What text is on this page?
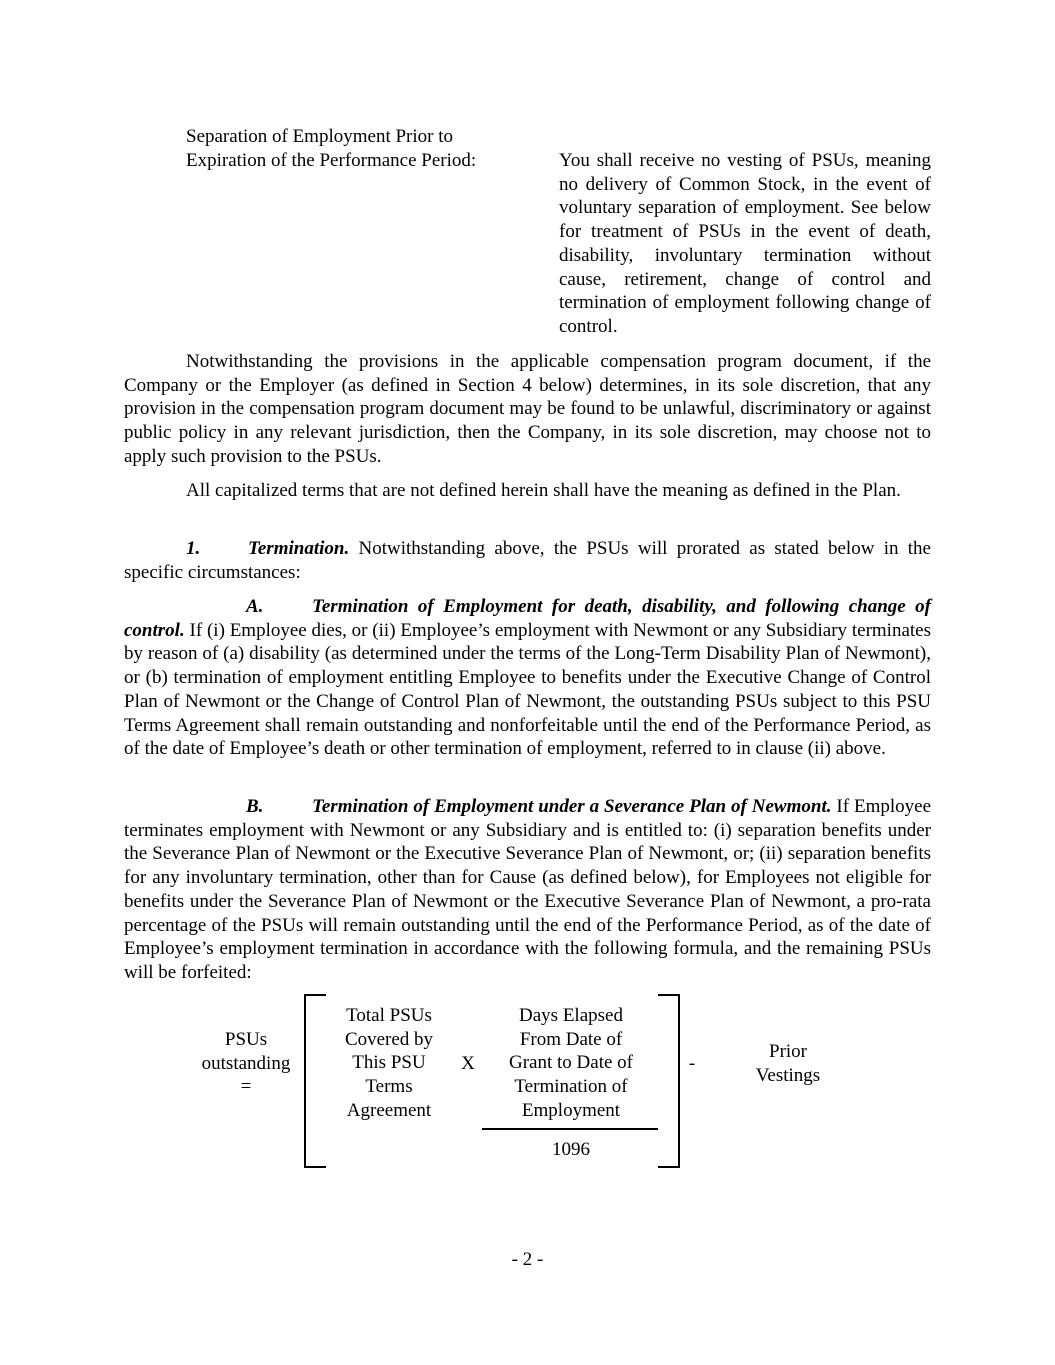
Separation of Employment Prior to
Expiration of the Performance Period:	You shall receive no vesting of PSUs, meaning no delivery of Common Stock, in the event of voluntary separation of employment. See below for treatment of PSUs in the event of death, disability, involuntary termination without cause, retirement, change of control and termination of employment following change of control.

Notwithstanding the provisions in the applicable compensation program document, if the Company or the Employer (as defined in Section 4 below) determines, in its sole discretion, that any provision in the compensation program document may be found to be unlawful, discriminatory or against public policy in any relevant jurisdiction, then the Company, in its sole discretion, may choose not to apply such provision to the PSUs.

All capitalized terms that are not defined herein shall have the meaning as defined in the Plan.

1.	Termination. Notwithstanding above, the PSUs will prorated as stated below in the specific circumstances:

A.	Termination of Employment for death, disability, and following change of control. If (i) Employee dies, or (ii) Employee’s employment with Newmont or any Subsidiary terminates by reason of (a) disability (as determined under the terms of the Long-Term Disability Plan of Newmont), or (b) termination of employment entitling Employee to benefits under the Executive Change of Control Plan of Newmont or the Change of Control Plan of Newmont, the outstanding PSUs subject to this PSU Terms Agreement shall remain outstanding and nonforfeitable until the end of the Performance Period, as of the date of Employee’s death or other termination of employment, referred to in clause (ii) above.

B.	Termination of Employment under a Severance Plan of Newmont. If Employee terminates employment with Newmont or any Subsidiary and is entitled to: (i) separation benefits under the Severance Plan of Newmont or the Executive Severance Plan of Newmont, or; (ii) separation benefits for any involuntary termination, other than for Cause (as defined below), for Employees not eligible for benefits under the Severance Plan of Newmont or the Executive Severance Plan of Newmont, a pro-rata percentage of the PSUs will remain outstanding until the end of the Performance Period, as of the date of Employee’s employment termination in accordance with the following formula, and the remaining PSUs will be forfeited:

PSUs
outstanding
=
Total PSUs
Covered by
This PSU
Terms
Agreement
X
Days Elapsed
From Date of
Grant to Date of
Termination of
Employment
1096
-
Prior
Vestings
- 2 -
